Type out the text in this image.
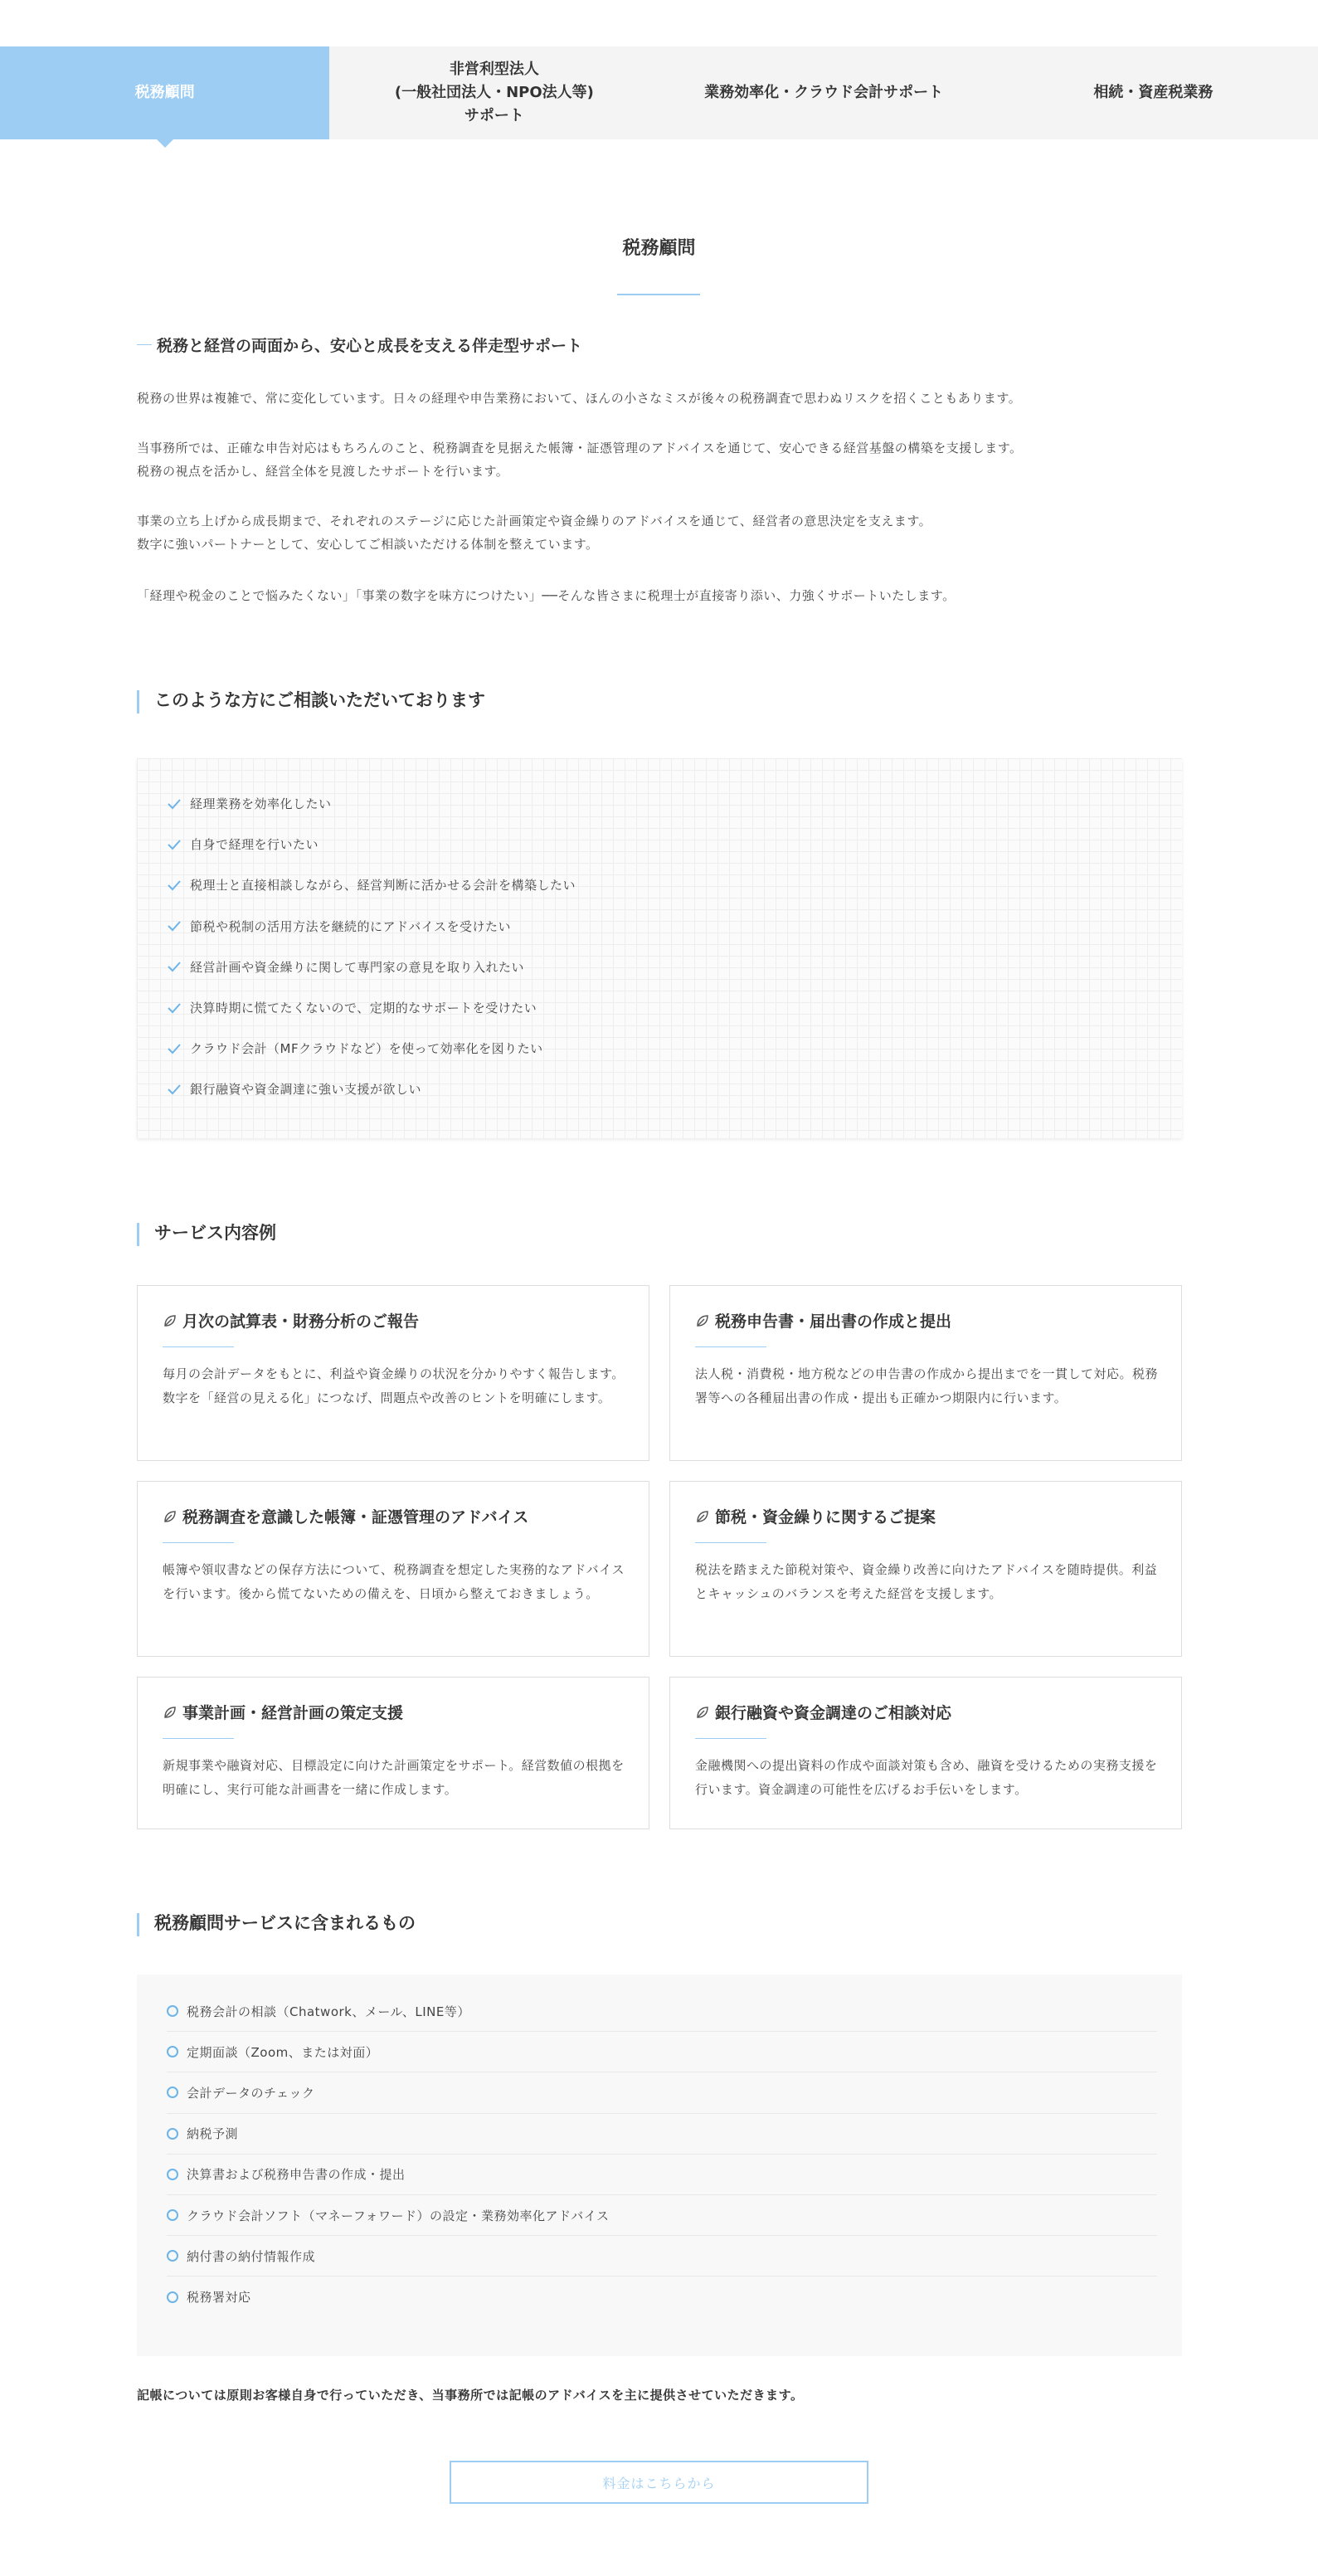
税務顧問
非営利型法人
(一般社団法人・NPO法人等)
サポート
業務効率化・クラウド会計サポート	相続・資産税業務
税務顧問
税務と経営の両面から、安心と成長を支える伴走型サポート

税務の世界は複雑で、常に変化しています。日々の経理や申告業務において、ほんの小さなミスが後々の税務調査で思わぬリスクを招くこともあります。

当事務所では、正確な申告対応はもちろんのこと、税務調査を見据えた帳簿・証憑管理のアドバイスを通じて、安心できる経営基盤の構築を支援します。
税務の視点を活かし、経営全体を見渡したサポートを行います。
事業の立ち上げから成長期まで、それぞれのステージに応じた計画策定や資金繰りのアドバイスを通じて、経営者の意思決定を支えます。
数字に強いパートナーとして、安心してご相談いただける体制を整えています。

「経理や税金のことで悩みたくない」「事業の数字を味方につけたい」──そんな皆さまに税理士が直接寄り添い、力強くサポートいたします。

このような方にご相談いただいております
経理業務を効率化したい
自身で経理を行いたい
税理士と直接相談しながら、経営判断に活かせる会計を構築したい
節税や税制の活用方法を継続的にアドバイスを受けたい
経営計画や資金繰りに関して専門家の意見を取り入れたい
決算時期に慌てたくないので、定期的なサポートを受けたい
クラウド会計（MFクラウドなど）を使って効率化を図りたい
銀行融資や資金調達に強い支援が欲しい
サービス内容例
月次の試算表・財務分析のご報告

毎月の会計データをもとに、利益や資金繰りの状況を分かりやすく報告します。数字を「経営の見える化」につなげ、問題点や改善のヒントを明確にします。

税務申告書・届出書の作成と提出

法人税・消費税・地方税などの申告書の作成から提出までを一貫して対応。税務署等への各種届出書の作成・提出も正確かつ期限内に行います。

税務調査を意識した帳簿・証憑管理のアドバイス

帳簿や領収書などの保存方法について、税務調査を想定した実務的なアドバイスを行います。後から慌てないための備えを、日頃から整えておきましょう。

節税・資金繰りに関するご提案

税法を踏まえた節税対策や、資金繰り改善に向けたアドバイスを随時提供。利益とキャッシュのバランスを考えた経営を支援します。

事業計画・経営計画の策定支援

新規事業や融資対応、目標設定に向けた計画策定をサポート。経営数値の根拠を明確にし、実行可能な計画書を一緒に作成します。

銀行融資や資金調達のご相談対応

金融機関への提出資料の作成や面談対策も含め、融資を受けるための実務支援を行います。資金調達の可能性を広げるお手伝いをします。

税務顧問サービスに含まれるもの
税務会計の相談（Chatwork、メール、LINE等）
定期面談（Zoom、または対面）
会計データのチェック
納税予測
決算書および税務申告書の作成・提出
クラウド会計ソフト（マネーフォワード）の設定・業務効率化アドバイス
納付書の納付情報作成
税務署対応

記帳については原則お客様自身で行っていただき、当事務所では記帳のアドバイスを主に提供させていただきます。

料金はこちらから
